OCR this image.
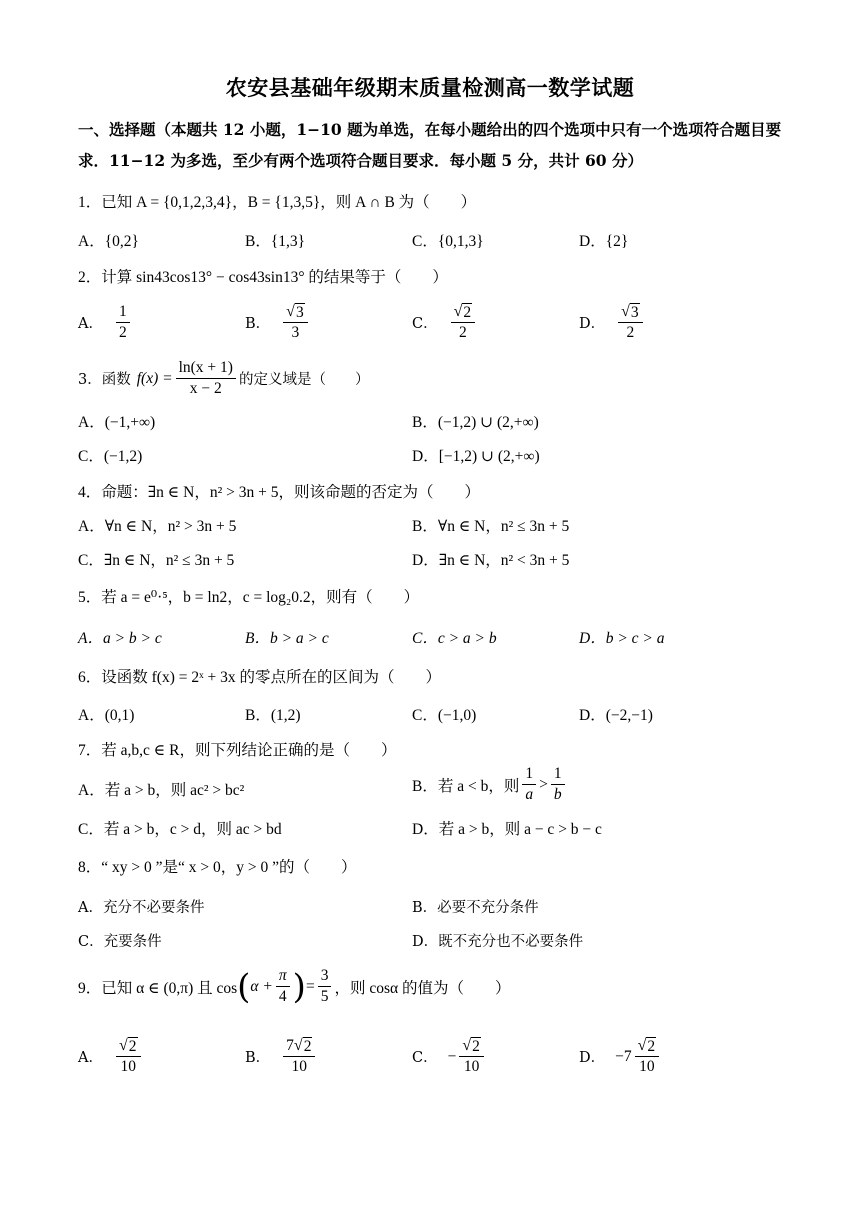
农安县基础年级期末质量检测高一数学试题
一、选择题（本题共 12 小题，1−10 题为单选，在每小题给出的四个选项中只有一个选项符合题目要求．11−12 为多选，至少有两个选项符合题目要求．每小题 5 分，共计 60 分）
1．已知 A = {0,1,2,3,4}，B = {1,3,5}，则 A ∩ B 为（　　）
A．{0,2}	B．{1,3}	C．{0,1,3}	D．{2}
2．计算 sin43cos13° − cos43sin13° 的结果等于（　　）
A． $\frac{1}{2}$	B． $\frac{√ 3}{3}$	C． $\frac{√ 2}{2}$	D． $\frac{√ 3}{2}$
3．函数 $f(x) = \frac{\ln(x + 1)}{x - 2}$ 的定义域是（　　）
A．(−1,+∞)	B．(−1,2) ∪ (2,+∞)
C．(−1,2)	D．[−1,2) ∪ (2,+∞)
4．命题：∃n ∈ N，n² > 3n + 5，则该命题的否定为（　　）
A．∀n ∈ N，n² > 3n + 5	B．∀n ∈ N，n² ≤ 3n + 5
C．∃n ∈ N，n² ≤ 3n + 5	D．∃n ∈ N，n² < 3n + 5
5．若 a = e⁰·⁵，b = ln2，c = log₂0.2，则有（　　）
A．a > b > c	B．b > a > c	C．c > a > b	D．b > c > a
6．设函数 f(x) = 2ˣ + 3x 的零点所在的区间为（　　）
A．(0,1)	B．(1,2)	C．(−1,0)	D．(−2,−1)
7．若 a,b,c ∈ R，则下列结论正确的是（　　）
A．若 a > b，则 ac² > bc²	B．若 a < b，则 $\frac{1}{a} > \frac{1}{b}$
C．若 a > b，c > d，则 ac > bd	D．若 a > b，则 a − c > b − c
8．“ xy > 0 ”是“ x > 0，y > 0 ”的（　　）
A．充分不必要条件	B．必要不充分条件
C．充要条件	D．既不充分也不必要条件
9．已知 α ∈ (0,π) 且 cos ( $\alpha + \frac{\pi}{4}$ ) = $\frac{3}{5}$ ，则 cosα 的值为（　　）
A． $\frac{√ 2}{10}$	B． $\frac{7 √ 2}{10}$	C． − $\frac{√ 2}{10}$	D． $-7 \frac{√ 2}{10}$
